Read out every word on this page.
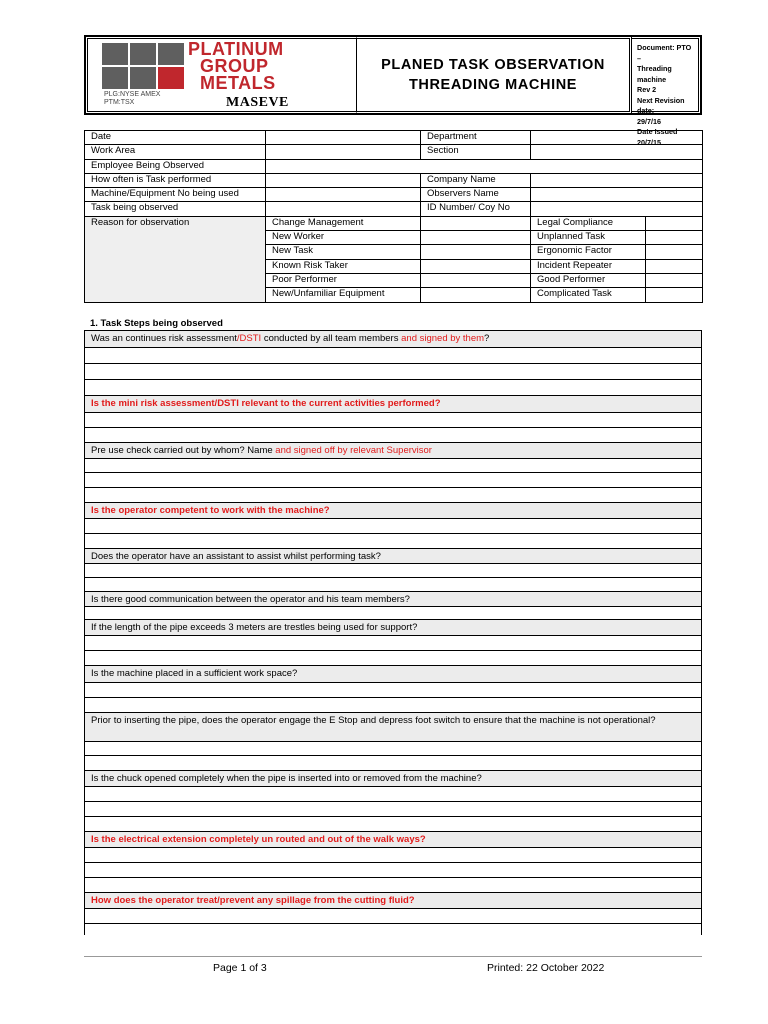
PLATINUM
GROUP
METALS
PLG:NYSE AMEX
PTM:TSX	MASEVE
PLANED TASK OBSERVATION
THREADING MACHINE
Document: PTO –
Threading machine
Rev 2
Next Revision date:
29/7/16
Date Issued 20/7/15
Date		Department		
Work Area		Section		
Employee Being Observed				
How often is Task performed		Company Name		
Machine/Equipment No being used		Observers Name		
Task being observed		ID Number/ Coy No		
Reason for observation	Change Management		Legal Compliance	
	New Worker		Unplanned Task	
	New Task		Ergonomic Factor	
	Known Risk Taker		Incident Repeater	
	Poor Performer		Good Performer	
	New/Unfamiliar Equipment		Complicated Task	
1. Task Steps being observed
Was an continues risk assessment/DSTI conducted by all team members and signed by them?
Is the mini risk assessment/DSTI relevant to the current activities performed?
Pre use check carried out by whom? Name and signed off by relevant Supervisor
Is the operator competent to work with the machine?
Does the operator have an assistant to assist whilst performing task?
Is there good communication between the operator and his team members?
If the length of the pipe exceeds 3 meters are trestles being used for support?
Is the machine placed in a sufficient work space?
Prior to inserting the pipe, does the operator engage the E Stop and depress foot switch to ensure that the machine is not operational?
Is the chuck opened completely when the pipe is inserted into or removed from the machine?
Is the electrical extension completely un routed and out of the walk ways?
How does the operator treat/prevent any spillage from the cutting fluid?
Page 1 of 3	Printed: 22 October 2022
